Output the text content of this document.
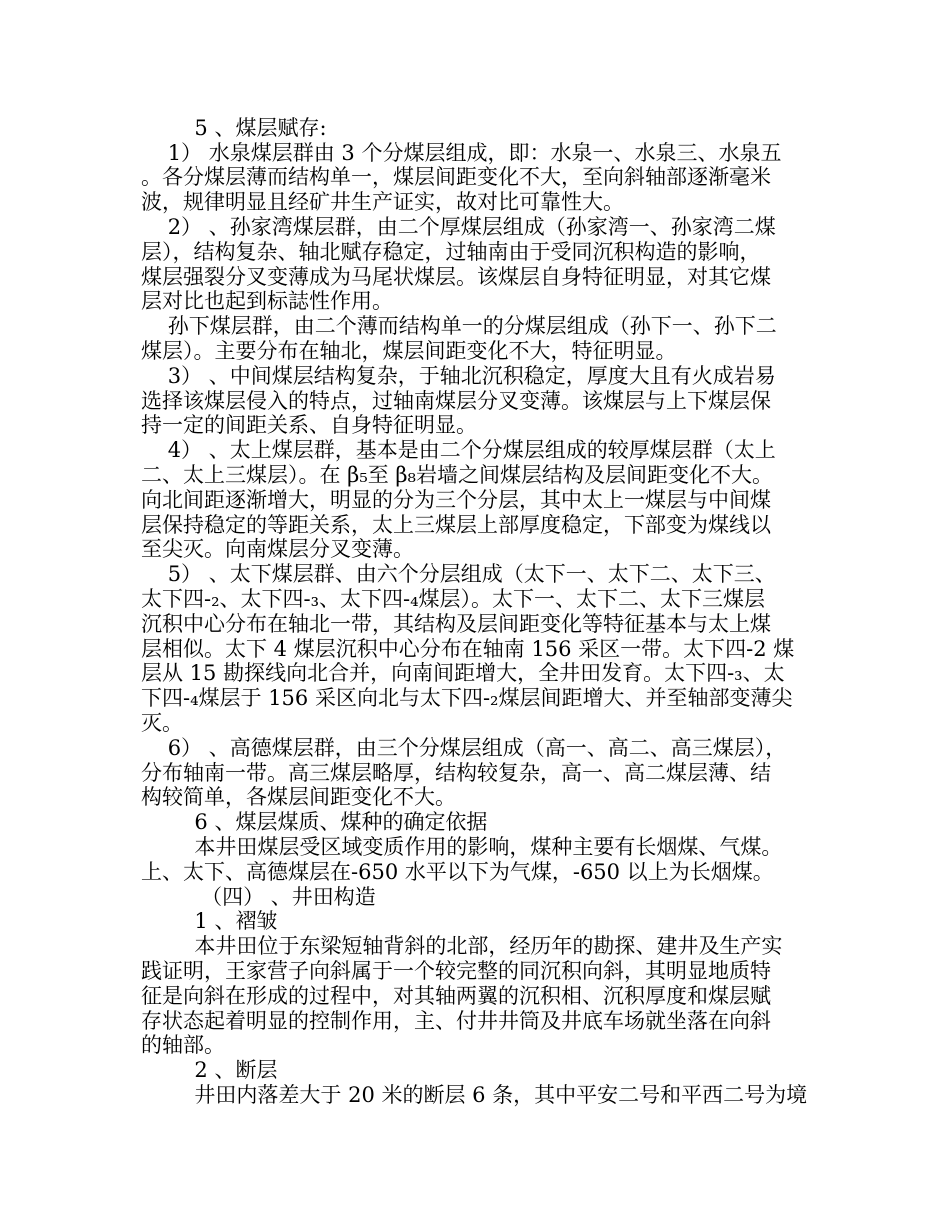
5 、煤层赋存:
1） 水泉煤层群由 3 个分煤层组成，即：水泉一、水泉三、水泉五
。各分煤层薄而结构单一，煤层间距变化不大，至向斜轴部逐渐毫米
波，规律明显且经矿井生产证实，故对比可靠性大。
2） 、孙家湾煤层群，由二个厚煤层组成（孙家湾一、孙家湾二煤
层），结构复杂、轴北赋存稳定，过轴南由于受同沉积构造的影响，
煤层强裂分叉变薄成为马尾状煤层。该煤层自身特征明显，对其它煤
层对比也起到标誌性作用。
孙下煤层群，由二个薄而结构单一的分煤层组成（孙下一、孙下二
煤层）。主要分布在轴北，煤层间距变化不大，特征明显。
3） 、中间煤层结构复杂，于轴北沉积稳定，厚度大且有火成岩易
选择该煤层侵入的特点，过轴南煤层分叉变薄。该煤层与上下煤层保
持一定的间距关系、自身特征明显。
4） 、太上煤层群，基本是由二个分煤层组成的较厚煤层群（太上
二、太上三煤层）。在 β₅至 β₈岩墙之间煤层结构及层间距变化不大。
向北间距逐渐增大，明显的分为三个分层，其中太上一煤层与中间煤
层保持稳定的等距关系，太上三煤层上部厚度稳定，下部变为煤线以
至尖灭。向南煤层分叉变薄。
5） 、太下煤层群、由六个分层组成（太下一、太下二、太下三、
太下四-₂、太下四-₃、太下四-₄煤层）。太下一、太下二、太下三煤层
沉积中心分布在轴北一带，其结构及层间距变化等特征基本与太上煤
层相似。太下 4 煤层沉积中心分布在轴南 156 采区一带。太下四-2 煤
层从 15 勘探线向北合并，向南间距增大，全井田发育。太下四-₃、太
下四-₄煤层于 156 采区向北与太下四-₂煤层间距增大、并至轴部变薄尖
灭。
6） 、高德煤层群，由三个分煤层组成（高一、高二、高三煤层），
分布轴南一带。高三煤层略厚，结构较复杂，高一、高二煤层薄、结
构较简单，各煤层间距变化不大。
6 、煤层煤质、煤种的确定依据
本井田煤层受区域变质作用的影响，煤种主要有长烟煤、气煤。
上、太下、高德煤层在-650 水平以下为气煤，-650 以上为长烟煤。
（四） 、井田构造
1 、褶皱
本井田位于东梁短轴背斜的北部，经历年的勘探、建井及生产实
践证明，王家营子向斜属于一个较完整的同沉积向斜，其明显地质特
征是向斜在形成的过程中，对其轴两翼的沉积相、沉积厚度和煤层赋
存状态起着明显的控制作用，主、付井井筒及井底车场就坐落在向斜
的轴部。
2 、断层
井田内落差大于 20 米的断层 6 条，其中平安二号和平西二号为境
